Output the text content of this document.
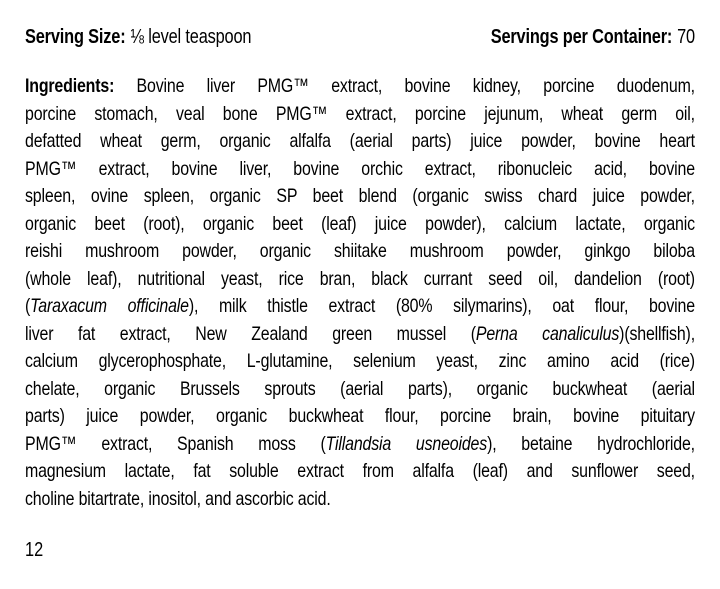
Serving Size: ⅛ level teaspoon	Servings per Container: 70
Ingredients: Bovine liver PMG™ extract, bovine kidney, porcine duodenum,
porcine stomach, veal bone PMG™ extract, porcine jejunum, wheat germ oil,
defatted wheat germ, organic alfalfa (aerial parts) juice powder, bovine heart
PMG™ extract, bovine liver, bovine orchic extract, ribonucleic acid, bovine
spleen, ovine spleen, organic SP beet blend (organic swiss chard juice powder,
organic beet (root), organic beet (leaf) juice powder), calcium lactate, organic
reishi mushroom powder, organic shiitake mushroom powder, ginkgo biloba
(whole leaf), nutritional yeast, rice bran, black currant seed oil, dandelion (root)
(Taraxacum officinale), milk thistle extract (80% silymarins), oat flour, bovine
liver fat extract, New Zealand green mussel (Perna canaliculus)(shellfish),
calcium glycerophosphate, L-glutamine, selenium yeast, zinc amino acid (rice)
chelate, organic Brussels sprouts (aerial parts), organic buckwheat (aerial
parts) juice powder, organic buckwheat flour, porcine brain, bovine pituitary
PMG™ extract, Spanish moss (Tillandsia usneoides), betaine hydrochloride,
magnesium lactate, fat soluble extract from alfalfa (leaf) and sunflower seed,
choline bitartrate, inositol, and ascorbic acid.
12
